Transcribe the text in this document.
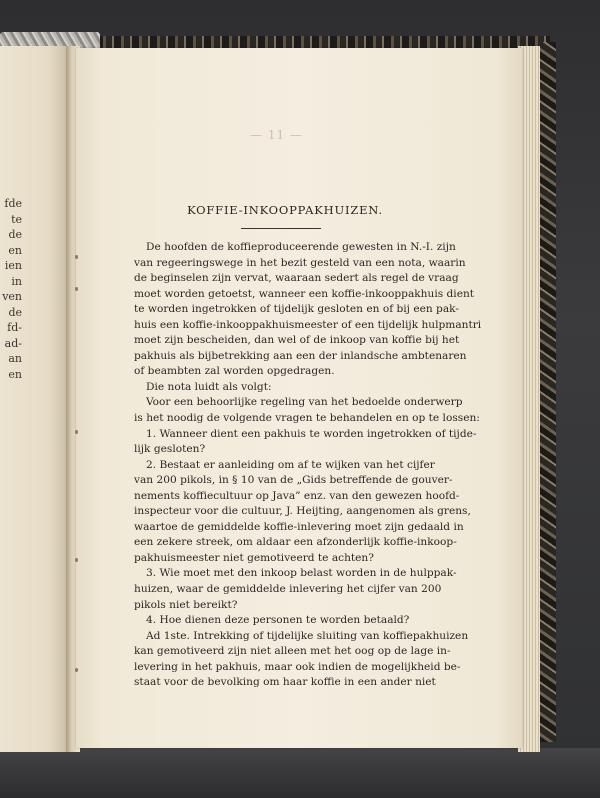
fde
te
de
en
ien
in
ven
de
fd-
ad-
an
en
— 11 —
KOFFIE-INKOOPPAKHUIZEN.
De hoofden de koffieproduceerende gewesten in N.-I. zijn
van regeeringswege in het bezit gesteld van een nota, waarin
de beginselen zijn vervat, waaraan sedert als regel de vraag
moet worden getoetst, wanneer een koffie-inkooppakhuis dient
te worden ingetrokken of tijdelijk gesloten en of bij een pak-
huis een koffie-inkooppakhuismeester of een tijdelijk hulpmantri
moet zijn bescheiden, dan wel of de inkoop van koffie bij het
pakhuis als bijbetrekking aan een der inlandsche ambtenaren
of beambten zal worden opgedragen.
Die nota luidt als volgt:
Voor een behoorlijke regeling van het bedoelde onderwerp
is het noodig de volgende vragen te behandelen en op te lossen:
1. Wanneer dient een pakhuis te worden ingetrokken of tijde-
lijk gesloten?
2. Bestaat er aanleiding om af te wijken van het cijfer
van 200 pikols, in § 10 van de „Gids betreffende de gouver-
nements koffiecultuur op Java” enz. van den gewezen hoofd-
inspecteur voor die cultuur, J. Heijting, aangenomen als grens,
waartoe de gemiddelde koffie-inlevering moet zijn gedaald in
een zekere streek, om aldaar een afzonderlijk koffie-inkoop-
pakhuismeester niet gemotiveerd te achten?
3. Wie moet met den inkoop belast worden in de hulppak-
huizen, waar de gemiddelde inlevering het cijfer van 200
pikols niet bereikt?
4. Hoe dienen deze personen te worden betaald?
Ad 1ste. Intrekking of tijdelijke sluiting van koffiepakhuizen
kan gemotiveerd zijn niet alleen met het oog op de lage in-
levering in het pakhuis, maar ook indien de mogelijkheid be-
staat voor de bevolking om haar koffie in een ander niet
